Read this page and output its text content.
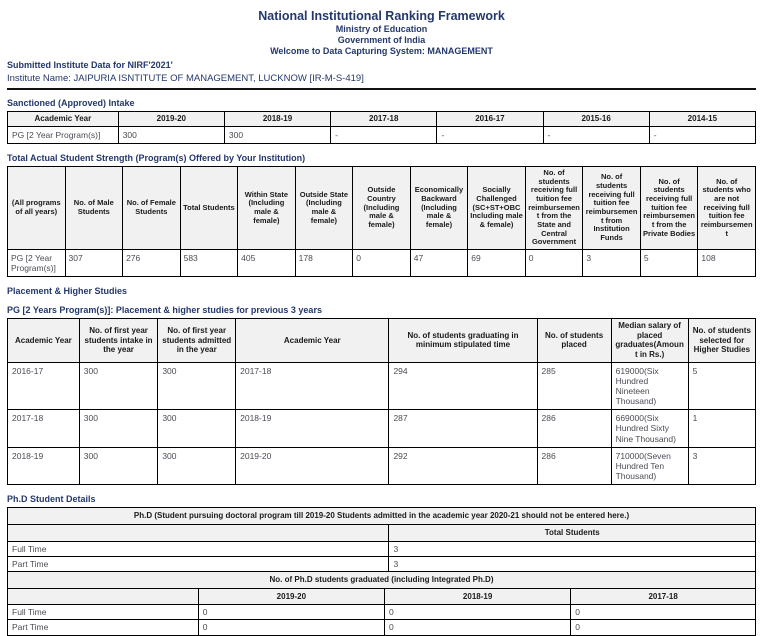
National Institutional Ranking Framework
Ministry of Education
Government of India
Welcome to Data Capturing System: MANAGEMENT
Submitted Institute Data for NIRF'2021'
Institute Name: JAIPURIA ISNTITUTE OF MANAGEMENT, LUCKNOW [IR-M-S-419]
Sanctioned (Approved) Intake
Academic Year	2019-20	2018-19	2017-18	2016-17	2015-16	2014-15
PG [2 Year Program(s)]	300	300	-	-	-	-
Total Actual Student Strength (Program(s) Offered by Your Institution)
(All programs of all years)	No. of Male Students	No. of Female Students	Total Students	Within State (Including male & female)	Outside State (Including male & female)	Outside Country (Including male & female)	Economically Backward (Including male & female)	Socially Challenged (SC+ST+OBC Including male & female)	No. of students receiving full tuition fee reimbursement from the State and Central Government	No. of students receiving full tuition fee reimbursement from Institution Funds	No. of students receiving full tuition fee reimbursement from the Private Bodies	No. of students who are not receiving full tuition fee reimbursement
PG [2 Year Program(s)]	307	276	583	405	178	0	47	69	0	3	5	108
Placement & Higher Studies
PG [2 Years Program(s)]: Placement & higher studies for previous 3 years
Academic Year	No. of first year students intake in the year	No. of first year students admitted in the year	Academic Year	No. of students graduating in minimum stipulated time	No. of students placed	Median salary of placed graduates(Amount in Rs.)	No. of students selected for Higher Studies
2016-17	300	300	2017-18	294	285	619000(Six Hundred Nineteen Thousand)	5
2017-18	300	300	2018-19	287	286	669000(Six Hundred Sixty Nine Thousand)	1
2018-19	300	300	2019-20	292	286	710000(Seven Hundred Ten Thousand)	3
Ph.D Student Details
Ph.D (Student pursuing doctoral program till 2019-20 Students admitted in the academic year 2020-21 should not be entered here.)	
	Total Students
Full Time	3
Part Time	3
No. of Ph.D students graduated (including Integrated Ph.D)			
	2019-20	2018-19	2017-18
Full Time	0	0	0
Part Time	0	0	0
